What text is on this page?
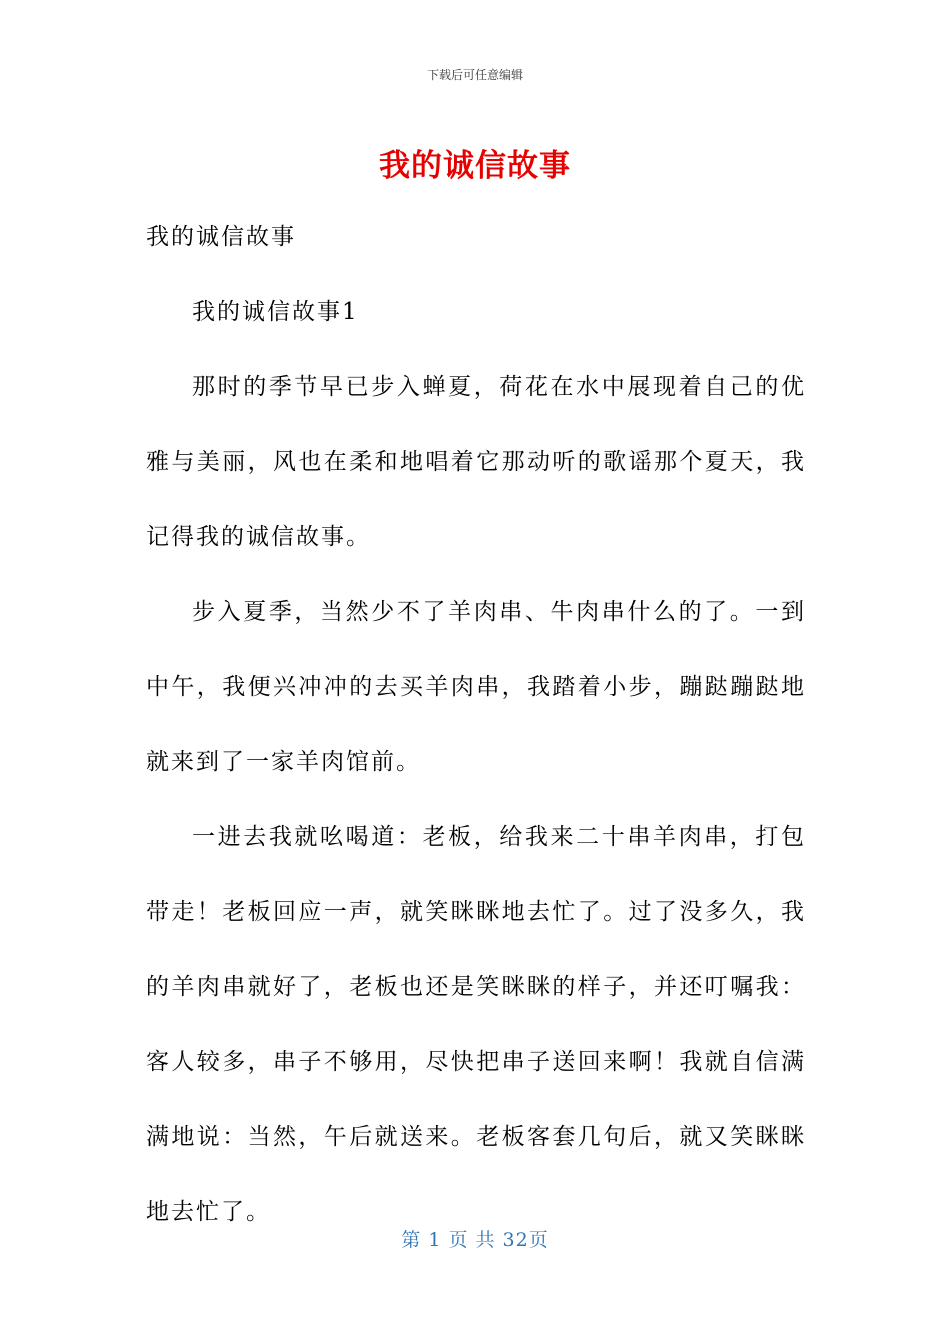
下载后可任意编辑
我的诚信故事

我的诚信故事

我的诚信故事1

那时的季节早已步入蝉夏，荷花在水中展现着自己的优雅与美丽，风也在柔和地唱着它那动听的歌谣那个夏天，我记得我的诚信故事。

步入夏季，当然少不了羊肉串、牛肉串什么的了。一到中午，我便兴冲冲的去买羊肉串，我踏着小步，蹦跶蹦跶地就来到了一家羊肉馆前。

一进去我就吆喝道：老板，给我来二十串羊肉串，打包带走！老板回应一声，就笑眯眯地去忙了。过了没多久，我的羊肉串就好了，老板也还是笑眯眯的样子，并还叮嘱我：客人较多，串子不够用，尽快把串子送回来啊！我就自信满满地说：当然，午后就送来。老板客套几句后，就又笑眯眯地去忙了。

第 1 页 共 32页
